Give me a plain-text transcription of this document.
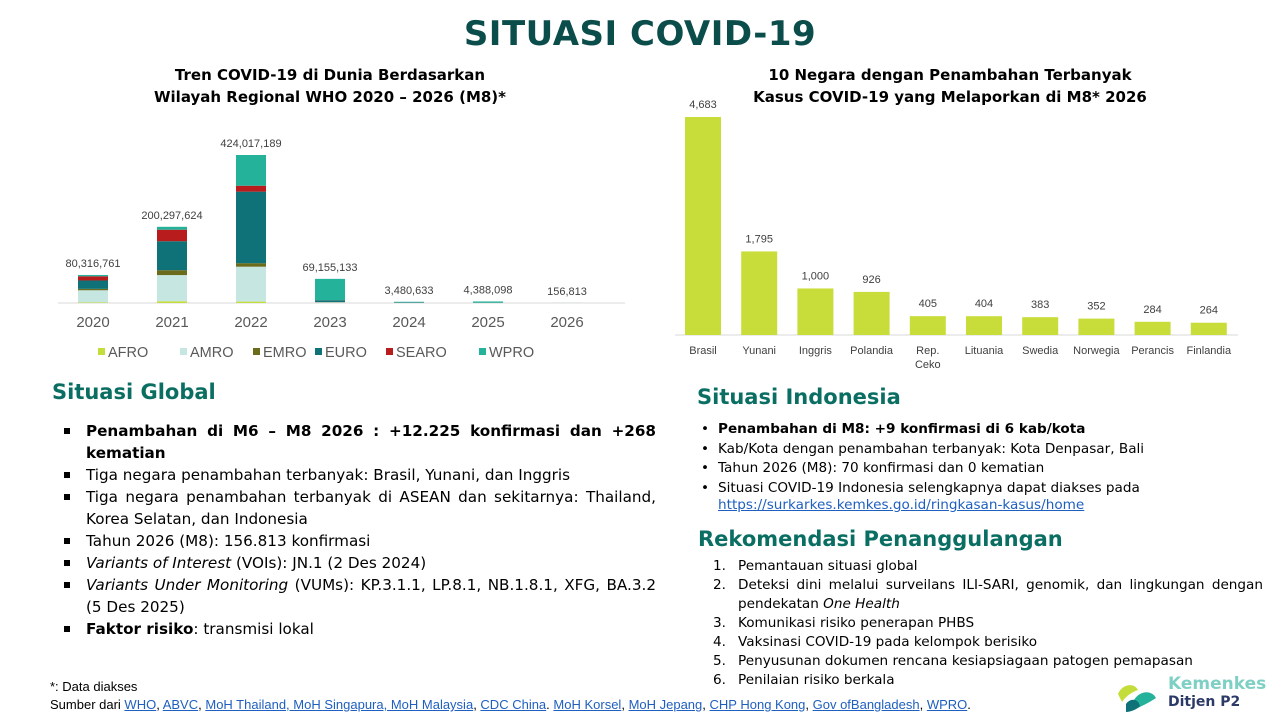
SITUASI COVID-19
Tren COVID-19 di Dunia Berdasarkan
Wilayah Regional WHO 2020 – 2026 (M8)*
80,316,761
2020
200,297,624
2021
424,017,189
2022
69,155,133
2023
3,480,633
2024
4,388,098
2025
156,813
2026
AFRO	AMRO EMRO EURO SEARO	WPRO
10 Negara dengan Penambahan Terbanyak
Kasus COVID-19 yang Melaporkan di M8* 2026
4,683
Brasil
1,795
Yunani
1,000
Inggris
926
Polandia
405
Rep. Ceko
404
Lituania
383
Swedia
352
Norwegia
284
Perancis
264
Finlandia
Situasi Global
Penambahan di M6 – M8 2026 : +12.225 konfirmasi dan +268 kematian
Tiga negara penambahan terbanyak: Brasil, Yunani, dan Inggris
Tiga negara penambahan terbanyak di ASEAN dan sekitarnya: Thailand, Korea Selatan, dan Indonesia
Tahun 2026 (M8): 156.813 konfirmasi
Variants of Interest (VOIs): JN.1 (2 Des 2024)
Variants Under Monitoring (VUMs): KP.3.1.1, LP.8.1, NB.1.8.1, XFG, BA.3.2 (5 Des 2025)
Faktor risiko: transmisi lokal
Situasi Indonesia
• Penambahan di M8: +9 konfirmasi di 6 kab/kota
• Kab/Kota dengan penambahan terbanyak: Kota Denpasar, Bali
• Tahun 2026 (M8): 70 konfirmasi dan 0 kematian
• Situasi COVID-19 Indonesia selengkapnya dapat diakses pada
https://surkarkes.kemkes.go.id/ringkasan-kasus/home
Rekomendasi Penanggulangan
1. Pemantauan situasi global
2. Deteksi dini melalui surveilans ILI-SARI, genomik, dan lingkungan dengan pendekatan One Health
3. Komunikasi risiko penerapan PHBS
4. Vaksinasi COVID-19 pada kelompok berisiko
5. Penyusunan dokumen rencana kesiapsiagaan patogen pemapasan
6. Penilaian risiko berkala
*: Data diakses
Sumber dari WHO, ABVC, MoH Thailand, MoH Singapura, MoH Malaysia, CDC China. MoH Korsel, MoH Jepang, CHP Hong Kong, Gov ofBangladesh, WPRO.
Kemenkes
Ditjen P2
